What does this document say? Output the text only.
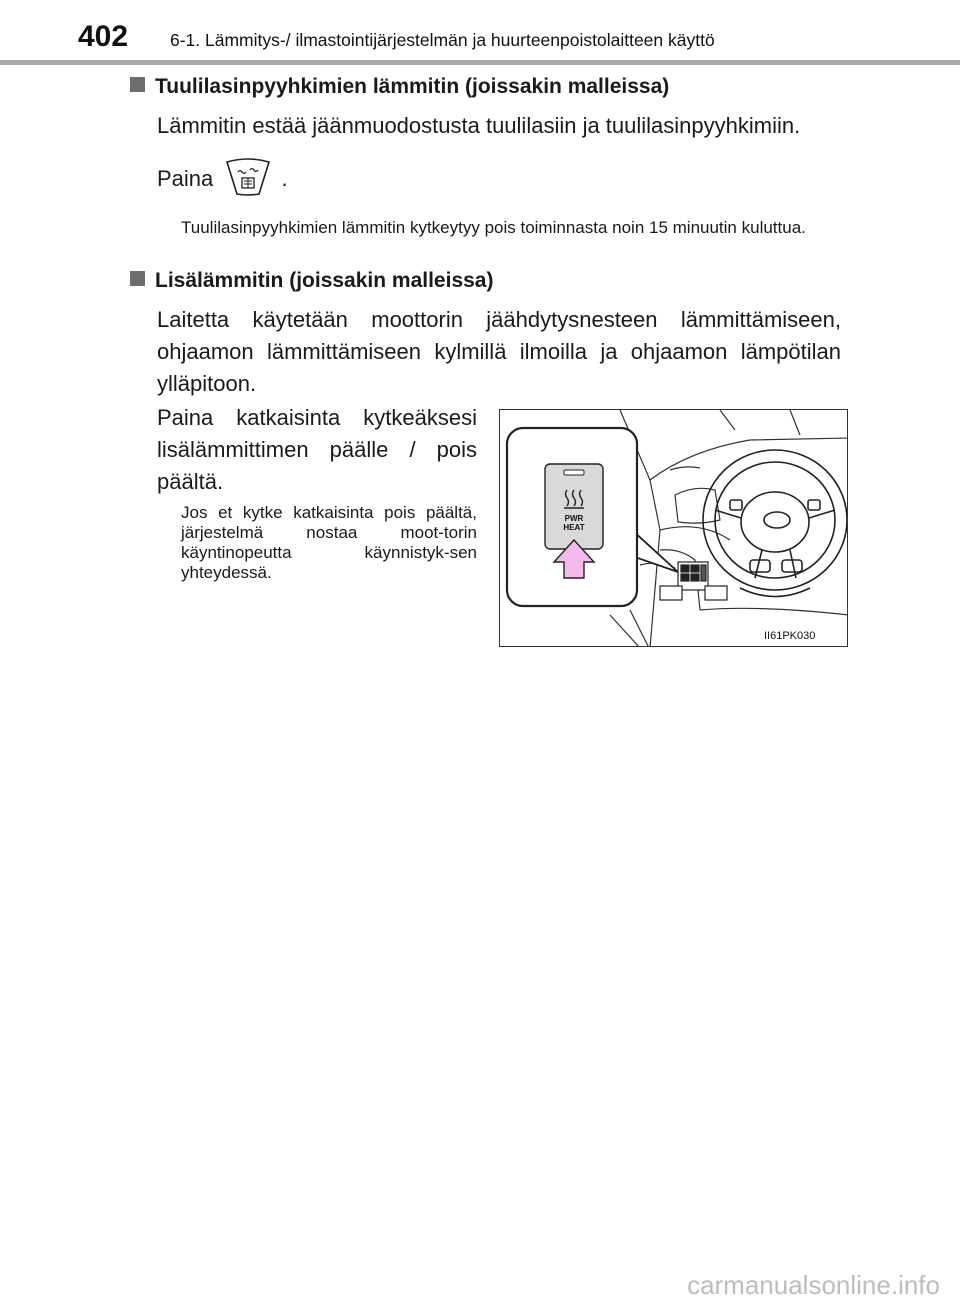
402 6-1. Lämmitys-/ ilmastointijärjestelmän ja huurteenpoistolaitteen käyttö
Tuulilasinpyyhkimien lämmitin (joissakin malleissa)
Lämmitin estää jäänmuodostusta tuulilasiin ja tuulilasinpyyhkimiin.
Paina	.
Tuulilasinpyyhkimien lämmitin kytkeytyy pois toiminnasta noin 15 minuutin kuluttua.
Lisälämmitin (joissakin malleissa)
Laitetta käytetään moottorin jäähdytysnesteen lämmittämiseen, ohjaamon lämmittämiseen kylmillä ilmoilla ja ohjaamon lämpötilan ylläpitoon.
Paina katkaisinta kytkeäksesi lisälämmittimen päälle / pois päältä.
Jos et kytke katkaisinta pois päältä, järjestelmä nostaa moot-torin käyntinopeutta käynnistyk-sen yhteydessä.
PWR
HEAT
II61PK030
carmanualsonline.info
